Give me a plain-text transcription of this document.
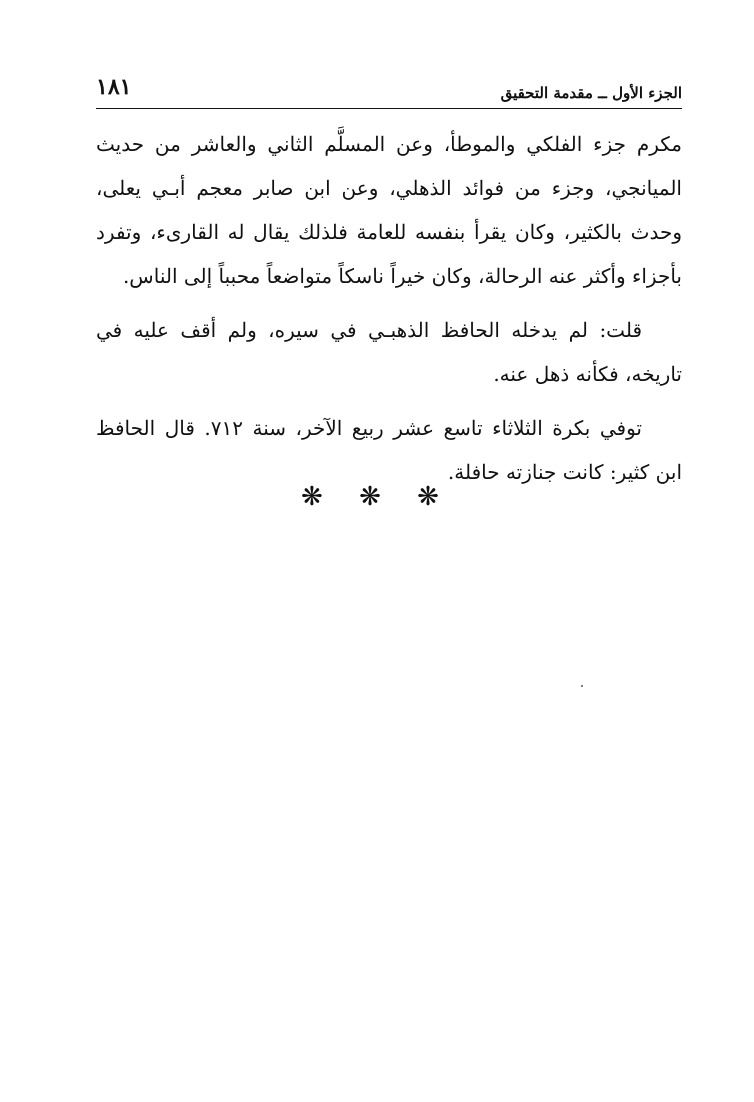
الجزء الأول ــ مقدمة التحقيق
١٨١

مكرم جزء الفلكي والموطأ، وعن المسلَّم الثاني والعاشر من حديث الميانجي، وجزء من فوائد الذهلي، وعن ابن صابر معجم أبـي يعلى، وحدث بالكثير، وكان يقرأ بنفسه للعامة فلذلك يقال له القارىء، وتفرد بأجزاء وأكثر عنه الرحالة، وكان خيراً ناسكاً متواضعاً محبباً إلى الناس.

قلت: لم يدخله الحافظ الذهبـي في سيره، ولم أقف عليه في تاريخه، فكأنه ذهل عنه.

توفي بكرة الثلاثاء تاسع عشر ربيع الآخر، سنة ٧١٢. قال الحافظ ابن كثير: كانت جنازته حافلة.

❋ ❋ ❋
